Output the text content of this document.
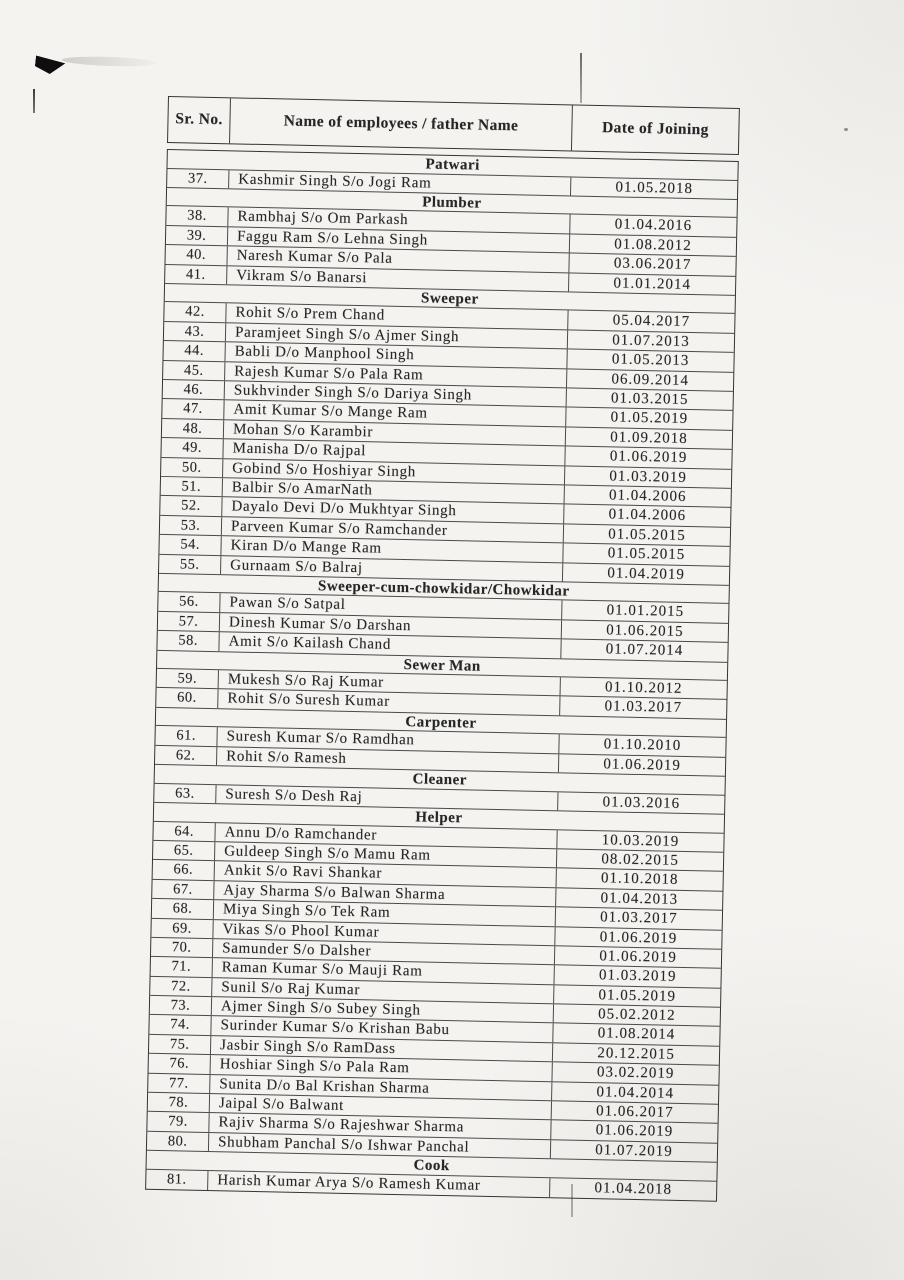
Sr. No.	Name of employees / father Name	Date of Joining
Patwari
37.	Kashmir Singh S/o Jogi Ram	01.05.2018
Plumber
38.	Rambhaj S/o Om Parkash	01.04.2016
39.	Faggu Ram S/o Lehna Singh	01.08.2012
40.	Naresh Kumar S/o Pala	03.06.2017
41.	Vikram S/o Banarsi	01.01.2014
Sweeper
42.	Rohit S/o Prem Chand	05.04.2017
43.	Paramjeet Singh S/o Ajmer Singh	01.07.2013
44.	Babli D/o Manphool Singh	01.05.2013
45.	Rajesh Kumar S/o Pala Ram	06.09.2014
46.	Sukhvinder Singh S/o Dariya Singh	01.03.2015
47.	Amit Kumar S/o Mange Ram	01.05.2019
48.	Mohan S/o Karambir	01.09.2018
49.	Manisha D/o Rajpal	01.06.2019
50.	Gobind S/o Hoshiyar Singh	01.03.2019
51.	Balbir S/o AmarNath	01.04.2006
52.	Dayalo Devi D/o Mukhtyar Singh	01.04.2006
53.	Parveen Kumar S/o Ramchander	01.05.2015
54.	Kiran D/o Mange Ram	01.05.2015
55.	Gurnaam S/o Balraj	01.04.2019
Sweeper-cum-chowkidar/Chowkidar
56.	Pawan S/o Satpal	01.01.2015
57.	Dinesh Kumar S/o Darshan	01.06.2015
58.	Amit S/o Kailash Chand	01.07.2014
Sewer Man
59.	Mukesh S/o Raj Kumar	01.10.2012
60.	Rohit S/o Suresh Kumar	01.03.2017
Carpenter
61.	Suresh Kumar S/o Ramdhan	01.10.2010
62.	Rohit S/o Ramesh	01.06.2019
Cleaner
63.	Suresh S/o Desh Raj	01.03.2016
Helper
64.	Annu D/o Ramchander	10.03.2019
65.	Guldeep Singh S/o Mamu Ram	08.02.2015
66.	Ankit S/o Ravi Shankar	01.10.2018
67.	Ajay Sharma S/o Balwan Sharma	01.04.2013
68.	Miya Singh S/o Tek Ram	01.03.2017
69.	Vikas S/o Phool Kumar	01.06.2019
70.	Samunder S/o Dalsher	01.06.2019
71.	Raman Kumar S/o Mauji Ram	01.03.2019
72.	Sunil S/o Raj Kumar	01.05.2019
73.	Ajmer Singh S/o Subey Singh	05.02.2012
74.	Surinder Kumar S/o Krishan Babu	01.08.2014
75.	Jasbir Singh S/o RamDass	20.12.2015
76.	Hoshiar Singh S/o Pala Ram	03.02.2019
77.	Sunita D/o Bal Krishan Sharma	01.04.2014
78.	Jaipal S/o Balwant	01.06.2017
79.	Rajiv Sharma S/o Rajeshwar Sharma	01.06.2019
80.	Shubham Panchal S/o Ishwar Panchal	01.07.2019
Cook
81.	Harish Kumar Arya S/o Ramesh Kumar	01.04.2018
